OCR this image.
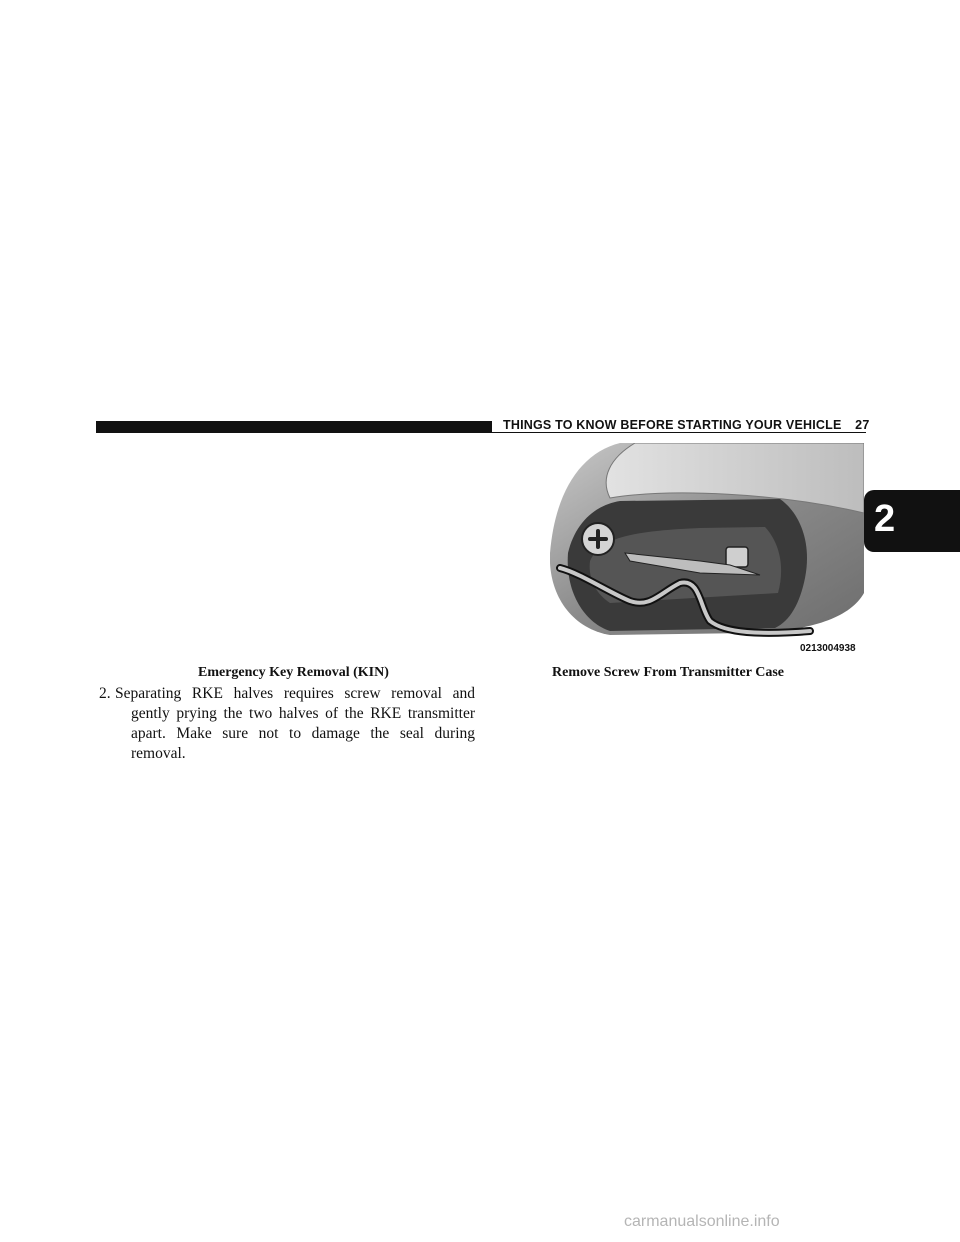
THINGS TO KNOW BEFORE STARTING YOUR VEHICLE 27
2
0213004938
Emergency Key Removal (KIN)	Remove Screw From Transmitter Case
2. Separating RKE halves requires screw removal and
gently prying the two halves of the RKE transmitter
apart. Make sure not to damage the seal during removal.
carmanualsonline.info
